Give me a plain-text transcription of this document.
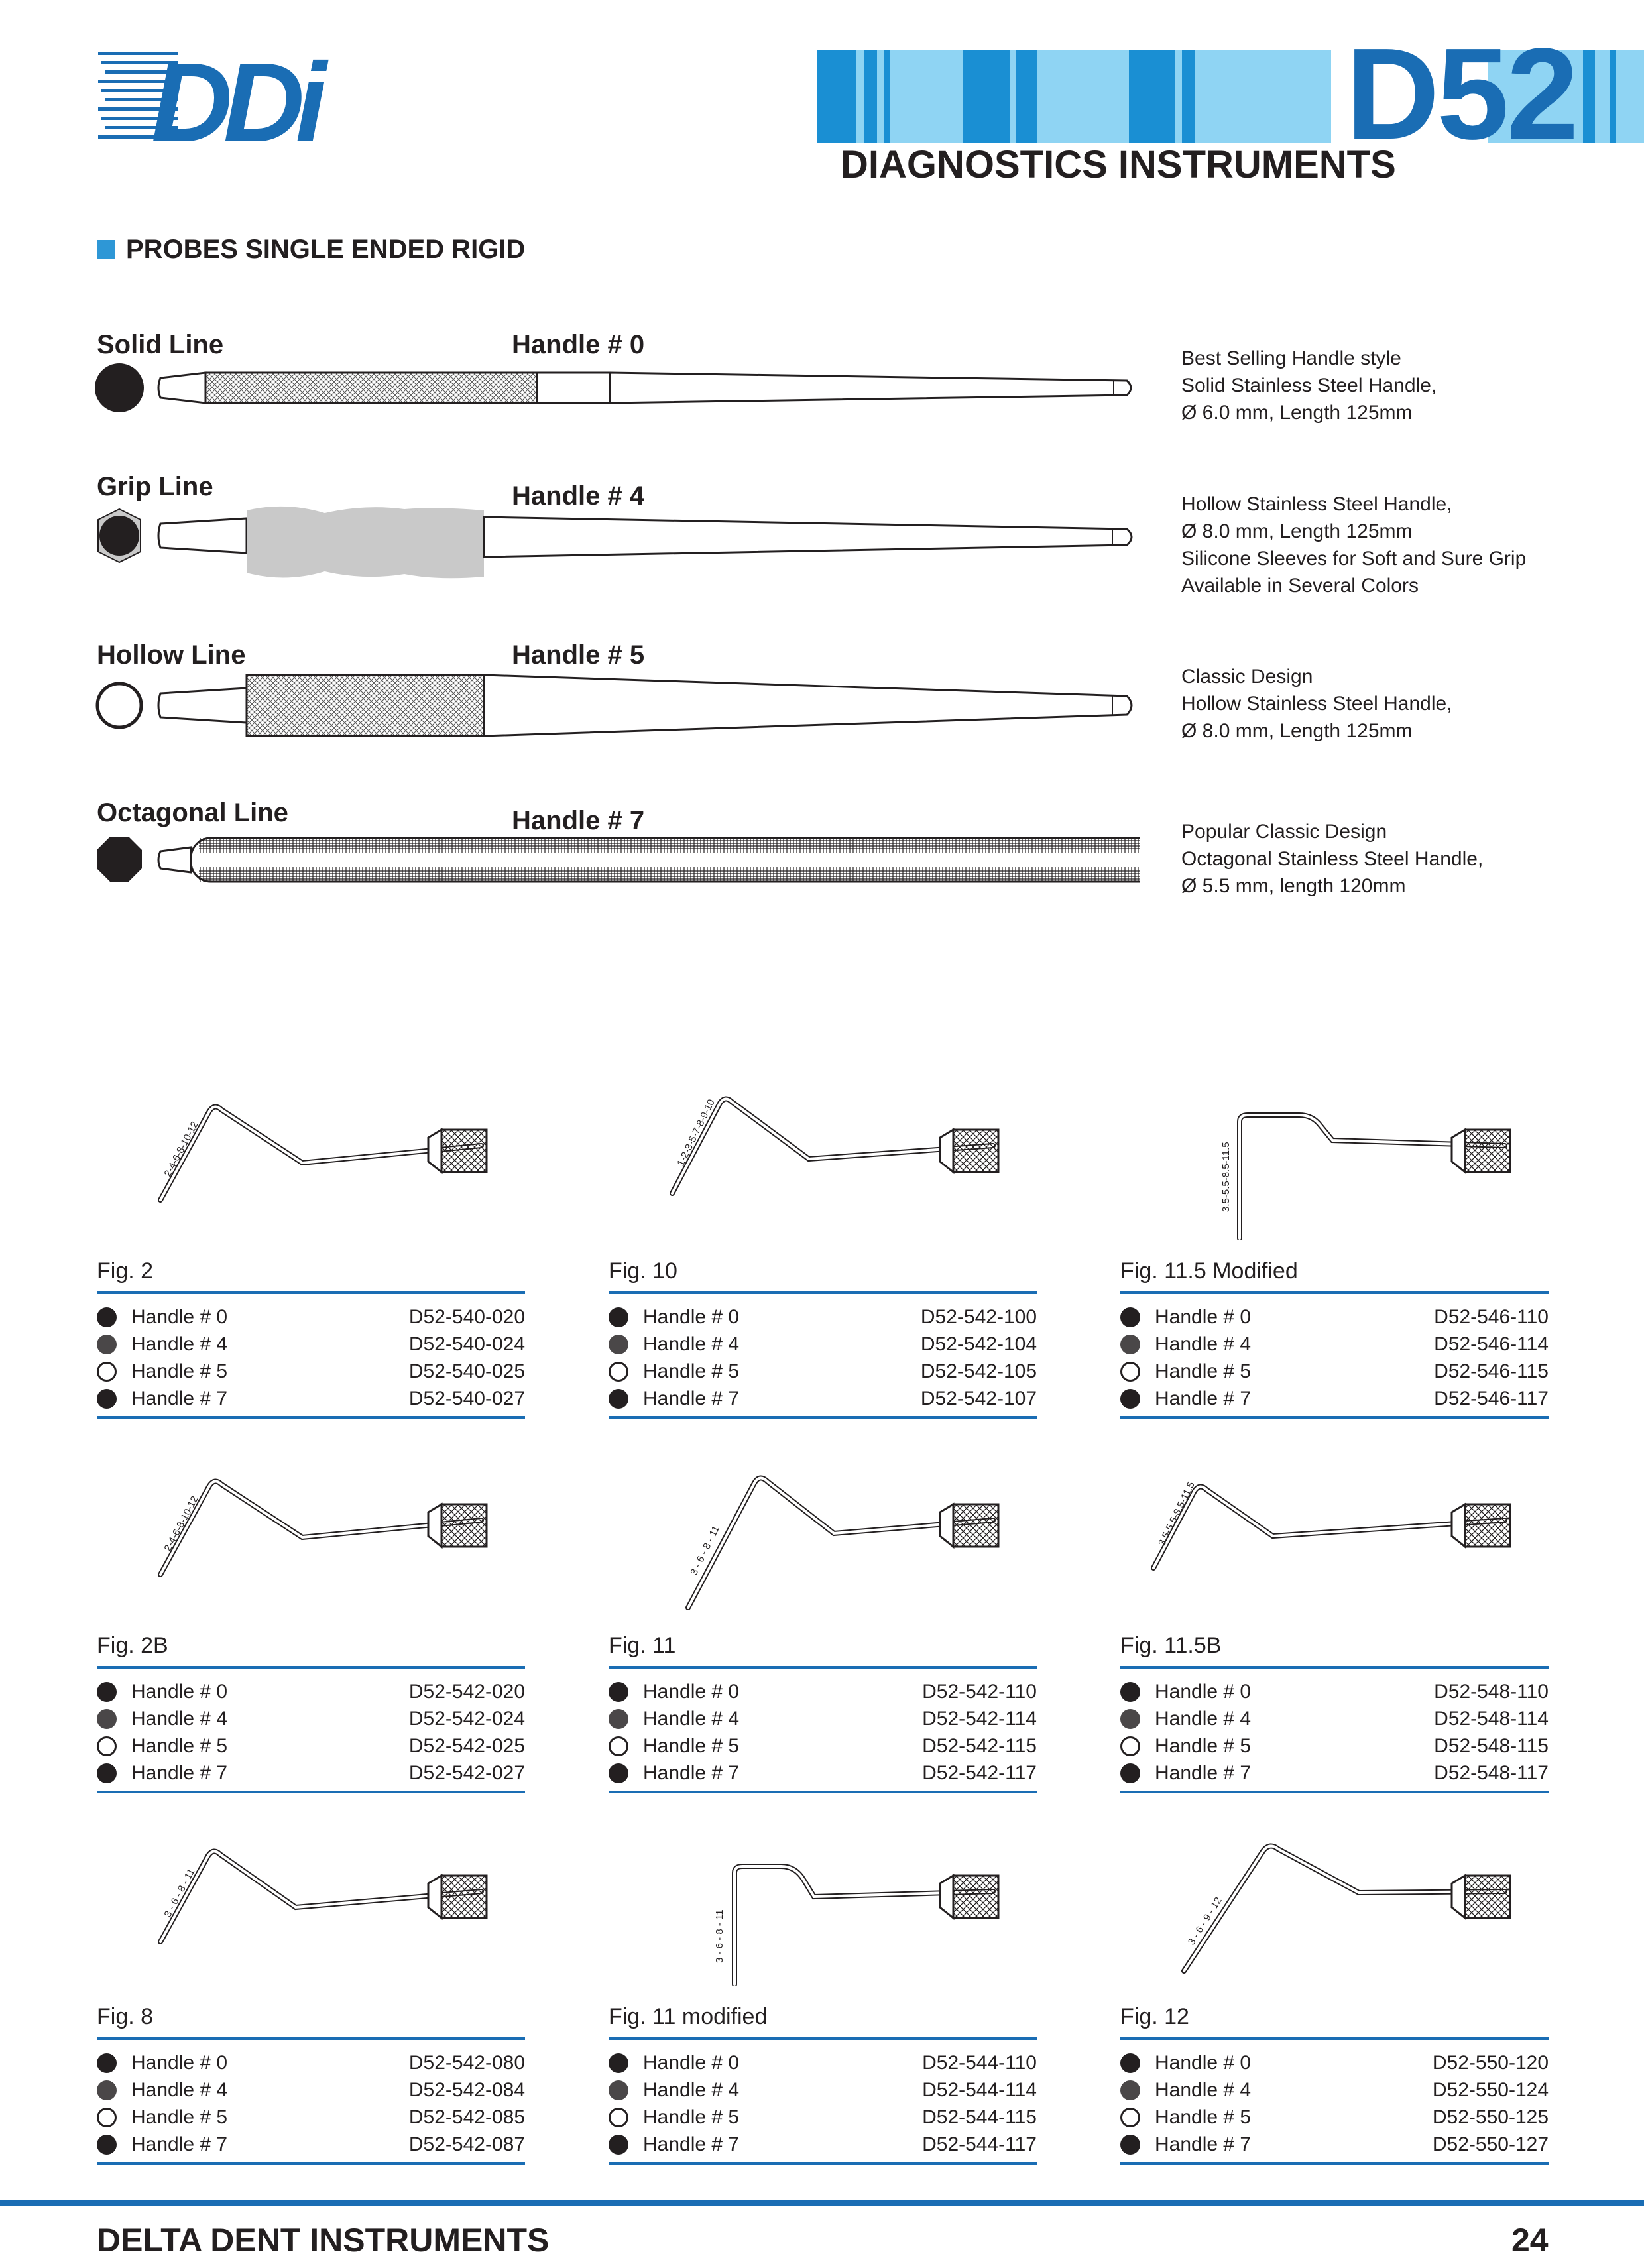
DDi	D52
DIAGNOSTICS INSTRUMENTS
PROBES SINGLE ENDED RIGID
Solid Line	Handle # 0	Best Selling Handle style
Solid Stainless Steel Handle,
Ø 6.0 mm, Length 125mm
Grip Line	Handle # 4	Hollow Stainless Steel Handle,
Ø 8.0 mm, Length 125mm
Silicone Sleeves for Soft and Sure Grip
Available in Several Colors
Hollow Line	Handle # 5
Classic Design
Hollow Stainless Steel Handle,
Ø 8.0 mm, Length 125mm
Octagonal Line	Handle # 7	Popular Classic Design
Octagonal Stainless Steel Handle,
Ø 5.5 mm, length 120mm
2-4-6-8-10-12
Fig. 2
Handle # 0	D52-540-020
Handle # 4	D52-540-024
Handle # 5	D52-540-025
Handle # 7	D52-540-027
1-2-3-5-7-8-9-10
Fig. 10
Handle # 0	D52-542-100
Handle # 4	D52-542-104
Handle # 5	D52-542-105
Handle # 7	D52-542-107
3.5-5.5-8.5-11.5
Fig. 11.5 Modified
Handle # 0	D52-546-110
Handle # 4	D52-546-114
Handle # 5	D52-546-115
Handle # 7	D52-546-117
2-4-6-8-10-12
Fig. 2B
Handle # 0	D52-542-020
Handle # 4	D52-542-024
Handle # 5	D52-542-025
Handle # 7	D52-542-027
3 - 6 - 8 - 11
Fig. 11
Handle # 0	D52-542-110
Handle # 4	D52-542-114
Handle # 5	D52-542-115
Handle # 7	D52-542-117
3.5-5.5-8.5-11.5
Fig. 11.5B
Handle # 0	D52-548-110
Handle # 4	D52-548-114
Handle # 5	D52-548-115
Handle # 7	D52-548-117
3 - 6 - 8 - 11
Fig. 8
Handle # 0	D52-542-080
Handle # 4	D52-542-084
Handle # 5	D52-542-085
Handle # 7	D52-542-087
3 - 6 - 8 - 11
Fig. 11 modified
Handle # 0	D52-544-110
Handle # 4	D52-544-114
Handle # 5	D52-544-115
Handle # 7	D52-544-117
3 - 6 - 9 - 12
Fig. 12
Handle # 0	D52-550-120
Handle # 4	D52-550-124
Handle # 5	D52-550-125
Handle # 7	D52-550-127
DELTA DENT INSTRUMENTS	24
